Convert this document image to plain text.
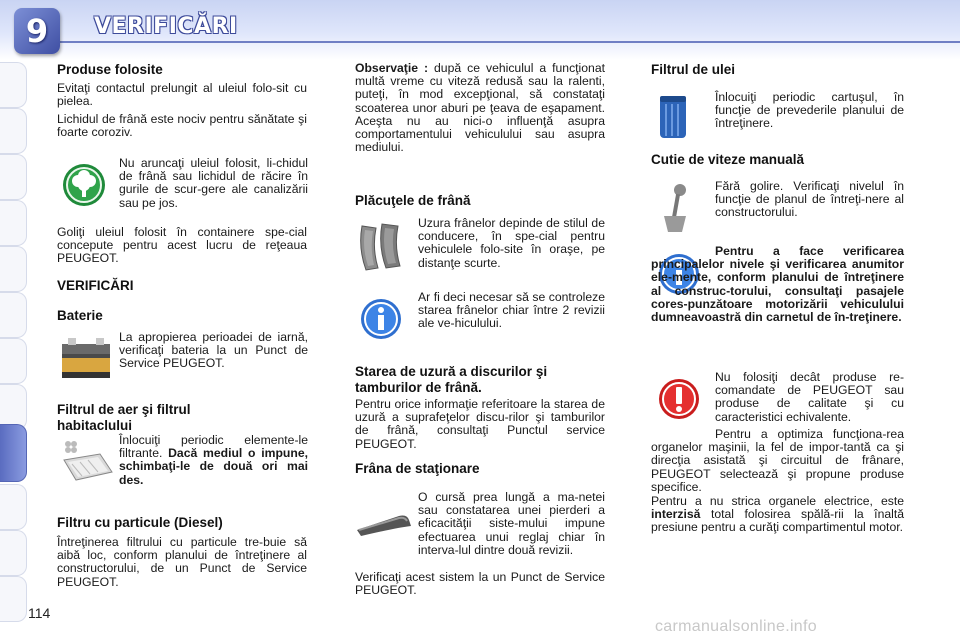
9 VERIFICĂRI
Produse folosite
Evitaţi contactul prelungit al uleiul folo-sit cu pielea.
Lichidul de frână este nociv pentru sănătate şi foarte coroziv.
Nu aruncaţi uleiul folosit, li-chidul de frână sau lichidul de răcire în gurile de scur-gere ale canalizării sau pe jos.
Goliţi uleiul folosit în containere spe-cial concepute pentru acest lucru de reţeaua PEUGEOT.
VERIFICĂRI
Baterie
La apropierea perioadei de iarnă, verificaţi bateria la un Punct de Service PEUGEOT.
Filtrul de aer şi filtrul habitaclului
Înlocuiţi periodic elemente-le filtrante. Dacă mediul o impune, schimbaţi-le de două ori mai des.
Filtru cu particule (Diesel)
Întreţinerea filtrului cu particule tre-buie să aibă loc, conform planului de întreţinere al constructorului, de un Punct de Service PEUGEOT.
Observaţie : după ce vehiculul a funcţionat multă vreme cu viteză redusă sau la ralenti, puteţi, în mod excepţional, să constataţi scoaterea unor aburi pe ţeava de eşapament. Aceşta nu au nici-o influenţă asupra comportamentului vehiculului sau asupra mediului.
Plăcuţele de frână
Uzura frânelor depinde de stilul de conducere, în spe-cial pentru vehiculele folo-site în oraşe, pe distanţe scurte.
Ar fi deci necesar să se controleze starea frânelor chiar între 2 revizii ale ve-hiculului.
Starea de uzură a discurilor şi tamburilor de frână.
Pentru orice informaţie referitoare la starea de uzură a suprafeţelor discu-rilor şi tamburilor de frână, consultaţi Punctul service PEUGEOT.
Frâna de staţionare
O cursă prea lungă a ma-netei sau constatarea unei pierderi a eficacităţii siste-mului impune efectuarea unui reglaj chiar în interva-lul dintre două revizii.
Verificaţi acest sistem la un Punct de Service PEUGEOT.
Filtrul de ulei
Înlocuiţi periodic cartuşul, în funcţie de prevederile planului de întreţinere.
Cutie de viteze manuală
Fără golire. Verificaţi nivelul în funcţie de planul de întreţi-nere al constructorului.
Pentru a face verificarea principalelor nivele şi verificarea anumitor ele-mente, conform planului de întreţinere al construc-torului, consultaţi pasajele cores-punzătoare motorizării vehiculului dumneavoastră din carnetul de în-treţinere.
Nu folosiţi decât produse re-comandate de PEUGEOT sau produse de calitate şi cu caracteristici echivalente.
Pentru a optimiza funcţiona-rea organelor maşinii, la fel de impor-tantă ca şi direcţia asistată şi circuitul de frânare, PEUGEOT selectează şi propune produse specifice.
Pentru a nu strica organele electrice, este interzisă total folosirea spălă-rii la înaltă presiune pentru a curăţi compartimentul motor.
114
carmanualsonline.info
